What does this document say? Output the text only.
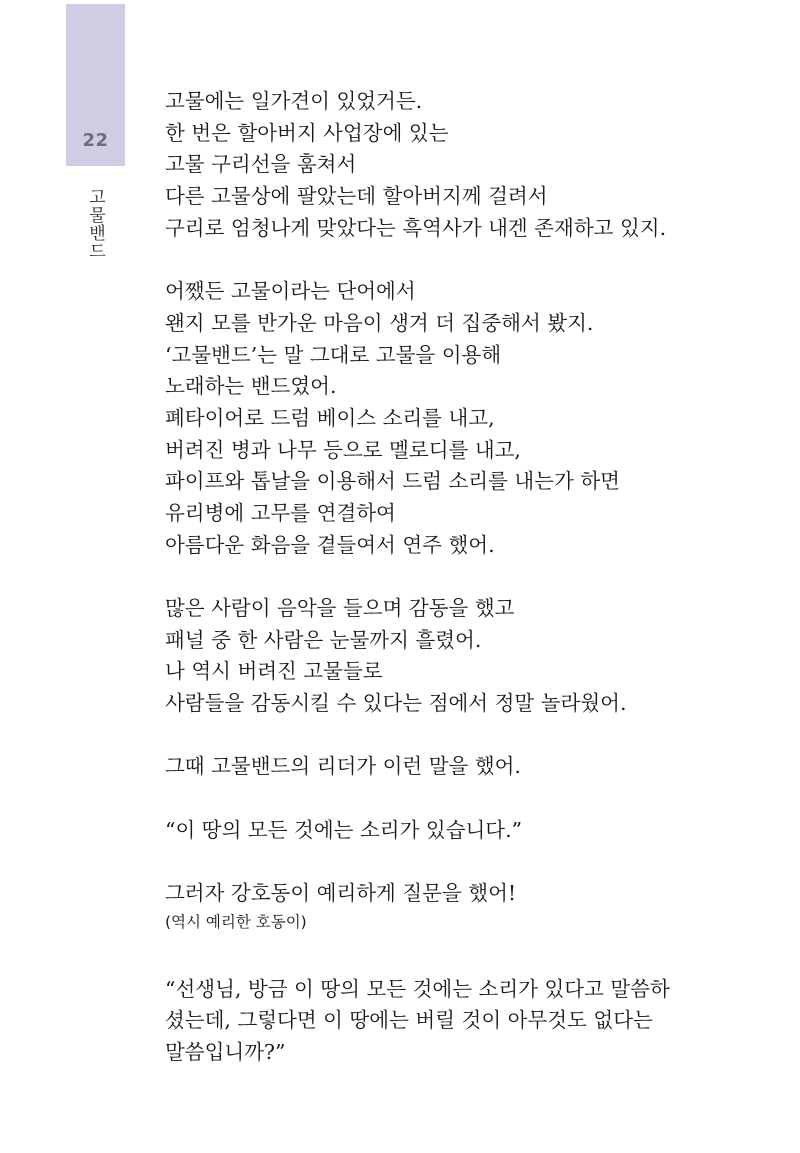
22
고물밴드
고물에는 일가견이 있었거든.
한 번은 할아버지 사업장에 있는
고물 구리선을 훔쳐서
다른 고물상에 팔았는데 할아버지께 걸려서
구리로 엄청나게 맞았다는 흑역사가 내겐 존재하고 있지.
어쨌든 고물이라는 단어에서
왠지 모를 반가운 마음이 생겨 더 집중해서 봤지.
‘고물밴드’는 말 그대로 고물을 이용해
노래하는 밴드였어.
폐타이어로 드럼 베이스 소리를 내고,
버려진 병과 나무 등으로 멜로디를 내고,
파이프와 톱날을 이용해서 드럼 소리를 내는가 하면
유리병에 고무를 연결하여
아름다운 화음을 곁들여서 연주 했어.
많은 사람이 음악을 들으며 감동을 했고
패널 중 한 사람은 눈물까지 흘렸어.
나 역시 버려진 고물들로
사람들을 감동시킬 수 있다는 점에서 정말 놀라웠어.
그때 고물밴드의 리더가 이런 말을 했어.
“이 땅의 모든 것에는 소리가 있습니다.”
그러자 강호동이 예리하게 질문을 했어!
(역시 예리한 호동이)
“선생님, 방금 이 땅의 모든 것에는 소리가 있다고 말씀하
셨는데, 그렇다면 이 땅에는 버릴 것이 아무것도 없다는
말씀입니까?”
